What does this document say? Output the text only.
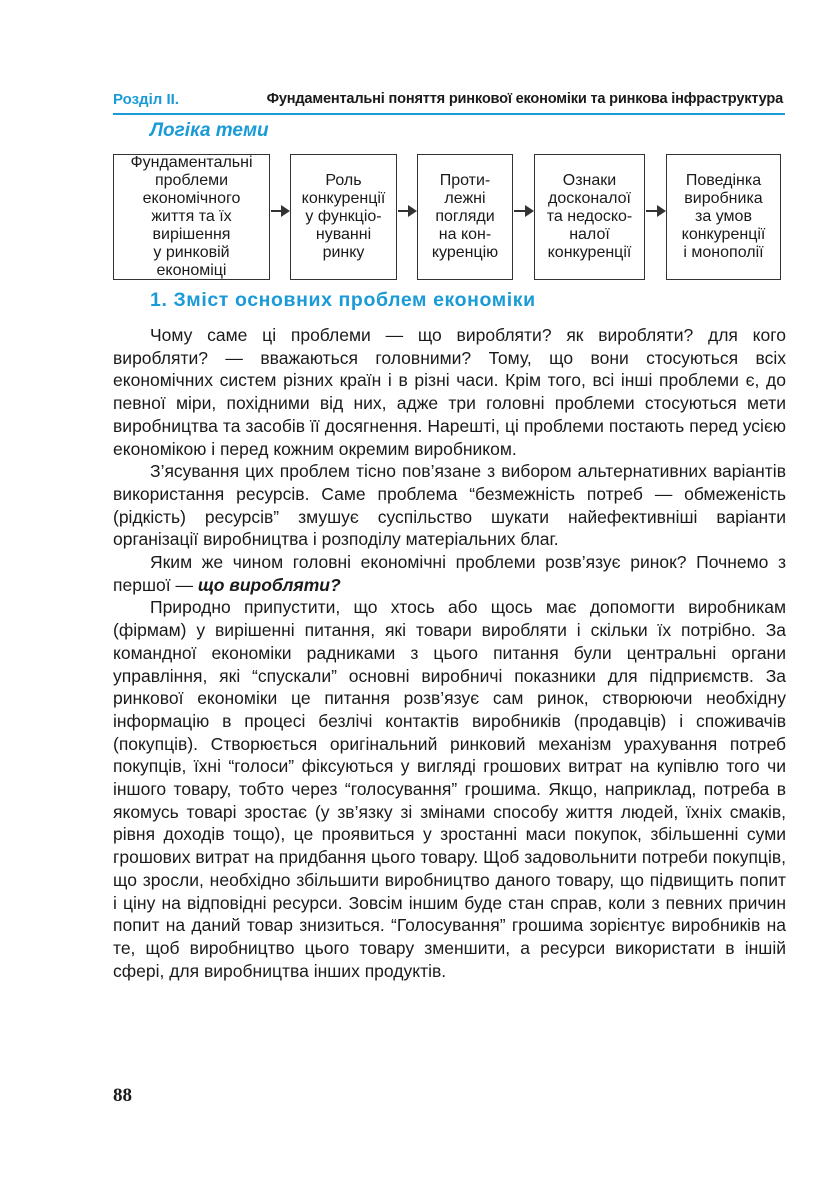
Розділ ІІ.	Фундаментальні поняття ринкової економіки та ринкова інфраструктура
Логіка теми
Фундаментальні
проблеми
економічного
життя та їх
вирішення
у ринковій
економіці
Роль
конкуренції
у функціо-
нуванні
ринку
Проти-
лежні
погляди
на кон-
куренцію
Ознаки
досконалої
та недоско-
налої
конкуренції
Поведінка
виробника
за умов
конкуренції
і монополії
1. Зміст основних проблем економіки

Чому саме ці проблеми — що виробляти? як виробляти? для кого виробляти? — вважаються головними? Тому, що вони стосуються всіх економічних систем різних країн і в різні часи. Крім того, всі інші проблеми є, до певної міри, похідними від них, адже три головні проблеми стосуються мети виробництва та засобів її досягнення. Нарешті, ці проблеми постають перед усією економікою і перед кожним окремим виробником.

З’ясування цих проблем тісно пов’язане з вибором альтернативних варіантів використання ресурсів. Саме проблема “безмежність потреб — обмеженість (рідкість) ресурсів” змушує суспільство шукати найефективніші варіанти організації виробництва і розподілу матеріальних благ.

Яким же чином головні економічні проблеми розв’язує ринок? Почнемо з першої — що виробляти?

Природно припустити, що хтось або щось має допомогти виробникам (фірмам) у вирішенні питання, які товари виробляти і скільки їх потрібно. За командної економіки радниками з цього питання були центральні органи управління, які “спускали” основні виробничі показники для підприємств. За ринкової економіки це питання розв’язує сам ринок, створюючи необхідну інформацію в процесі безлічі контактів виробників (продавців) і споживачів (покупців). Створюється оригінальний ринковий механізм урахування потреб покупців, їхні “голоси” фіксуються у вигляді грошових витрат на купівлю того чи іншого товару, тобто через “голосування” грошима. Якщо, наприклад, потреба в якомусь товарі зростає (у зв’язку зі змінами способу життя людей, їхніх смаків, рівня доходів тощо), це проявиться у зростанні маси покупок, збільшенні суми грошових витрат на придбання цього товару. Щоб задовольнити потреби покупців, що зросли, необхідно збільшити виробництво даного товару, що підвищить попит і ціну на відповідні ресурси. Зовсім іншим буде стан справ, коли з певних причин попит на даний товар знизиться. “Голосування” грошима зорієнтує виробників на те, щоб виробництво цього товару зменшити, а ресурси використати в іншій сфері, для виробництва інших продуктів.

88
